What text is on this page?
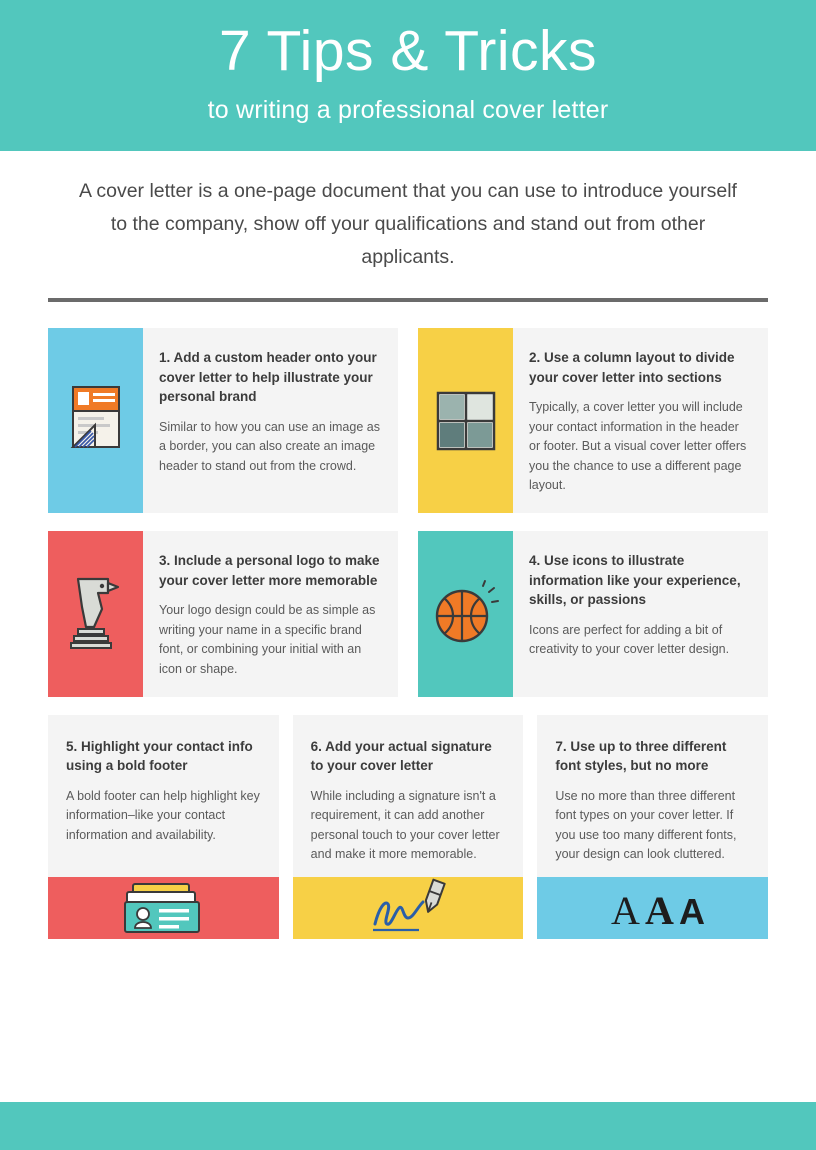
7 Tips & Tricks
to writing a professional cover letter
A cover letter is a one-page document that you can use to introduce yourself to the company, show off your qualifications and stand out from other applicants.
1. Add a custom header onto your cover letter to help illustrate your personal brand
Similar to how you can use an image as a border, you can also create an image header to stand out from the crowd.
2. Use a column layout to divide your cover letter into sections
Typically, a cover letter you will include your contact information in the header or footer. But a visual cover letter offers you the chance to use a different page layout.
3. Include a personal logo to make your cover letter more memorable
Your logo design could be as simple as writing your name in a specific brand font, or combining your initial with an icon or shape.
4. Use icons to illustrate information like your experience, skills, or passions
Icons are perfect for adding a bit of creativity to your cover letter design.
5. Highlight your contact info using a bold footer
A bold footer can help highlight key information–like your contact information and availability.
6. Add your actual signature to your cover letter
While including a signature isn't a requirement, it can add another personal touch to your cover letter and make it more memorable.
7. Use up to three different font styles, but no more
Use no more than three different font types on your cover letter. If you use too many different fonts, your design can look cluttered.
A A A
